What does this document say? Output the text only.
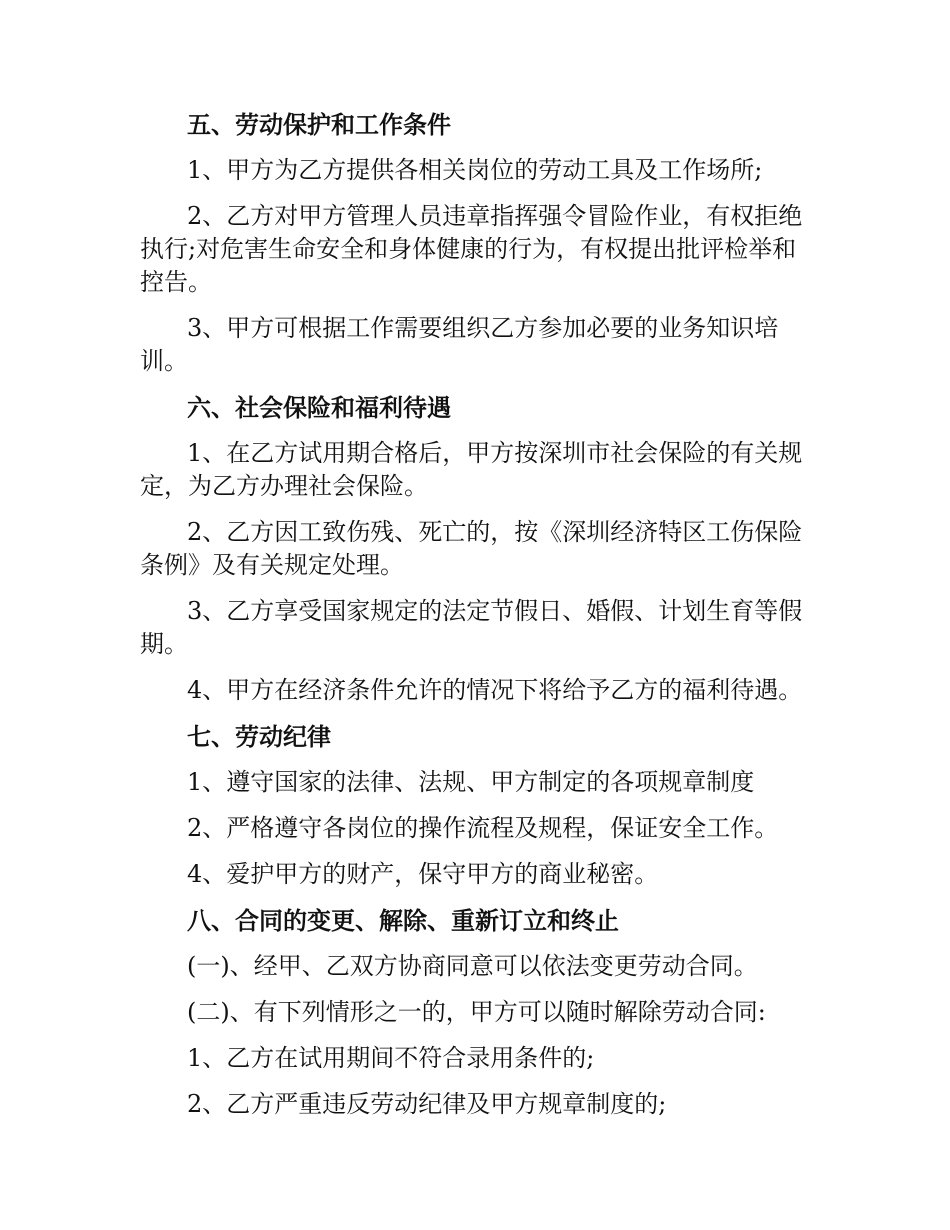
五、劳动保护和工作条件

1、甲方为乙方提供各相关岗位的劳动工具及工作场所;

2、乙方对甲方管理人员违章指挥强令冒险作业，有权拒绝执行;对危害生命安全和身体健康的行为，有权提出批评检举和控告。

3、甲方可根据工作需要组织乙方参加必要的业务知识培训。

六、社会保险和福利待遇

1、在乙方试用期合格后，甲方按深圳市社会保险的有关规定，为乙方办理社会保险。

2、乙方因工致伤残、死亡的，按《深圳经济特区工伤保险条例》及有关规定处理。

3、乙方享受国家规定的法定节假日、婚假、计划生育等假期。

4、甲方在经济条件允许的情况下将给予乙方的福利待遇。

七、劳动纪律

1、遵守国家的法律、法规、甲方制定的各项规章制度

2、严格遵守各岗位的操作流程及规程，保证安全工作。

4、爱护甲方的财产，保守甲方的商业秘密。

八、合同的变更、解除、重新订立和终止

(一)、经甲、乙双方协商同意可以依法变更劳动合同。

(二)、有下列情形之一的，甲方可以随时解除劳动合同:

1、乙方在试用期间不符合录用条件的;

2、乙方严重违反劳动纪律及甲方规章制度的;
